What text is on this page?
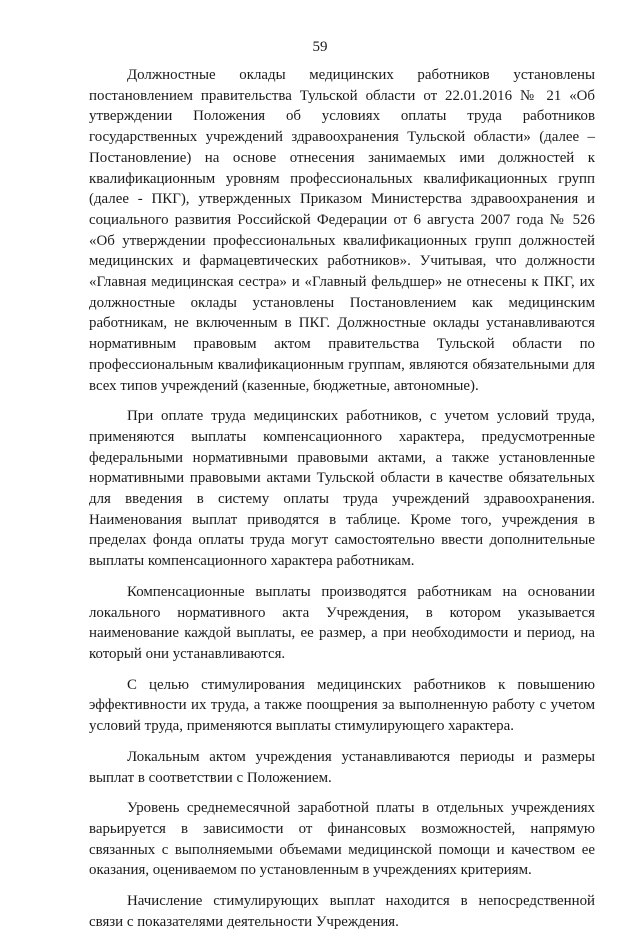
59

Должностные оклады медицинских работников установлены постановлением правительства Тульской области от 22.01.2016 № 21 «Об утверждении Положения об условиях оплаты труда работников государственных учреждений здравоохранения Тульской области» (далее – Постановление) на основе отнесения занимаемых ими должностей к квалификационным уровням профессиональных квалификационных групп (далее - ПКГ), утвержденных Приказом Министерства здравоохранения и социального развития Российской Федерации от 6 августа 2007 года № 526 «Об утверждении профессиональных квалификационных групп должностей медицинских и фармацевтических работников». Учитывая, что должности «Главная медицинская сестра» и «Главный фельдшер» не отнесены к ПКГ, их должностные оклады установлены Постановлением как медицинским работникам, не включенным в ПКГ. Должностные оклады устанавливаются нормативным правовым актом правительства Тульской области по профессиональным квалификационным группам, являются обязательными для всех типов учреждений (казенные, бюджетные, автономные).

При оплате труда медицинских работников, с учетом условий труда, применяются выплаты компенсационного характера, предусмотренные федеральными нормативными правовыми актами, а также установленные нормативными правовыми актами Тульской области в качестве обязательных для введения в систему оплаты труда учреждений здравоохранения. Наименования выплат приводятся в таблице. Кроме того, учреждения в пределах фонда оплаты труда могут самостоятельно ввести дополнительные выплаты компенсационного характера работникам.

Компенсационные выплаты производятся работникам на основании локального нормативного акта Учреждения, в котором указывается наименование каждой выплаты, ее размер, а при необходимости и период, на который они устанавливаются.

С целью стимулирования медицинских работников к повышению эффективности их труда, а также поощрения за выполненную работу с учетом условий труда, применяются выплаты стимулирующего характера.

Локальным актом учреждения устанавливаются периоды и размеры выплат в соответствии с Положением.

Уровень среднемесячной заработной платы в отдельных учреждениях варьируется в зависимости от финансовых возможностей, напрямую связанных с выполняемыми объемами медицинской помощи и качеством ее оказания, оцениваемом по установленным в учреждениях критериям.

Начисление стимулирующих выплат находится в непосредственной связи с показателями деятельности Учреждения.
